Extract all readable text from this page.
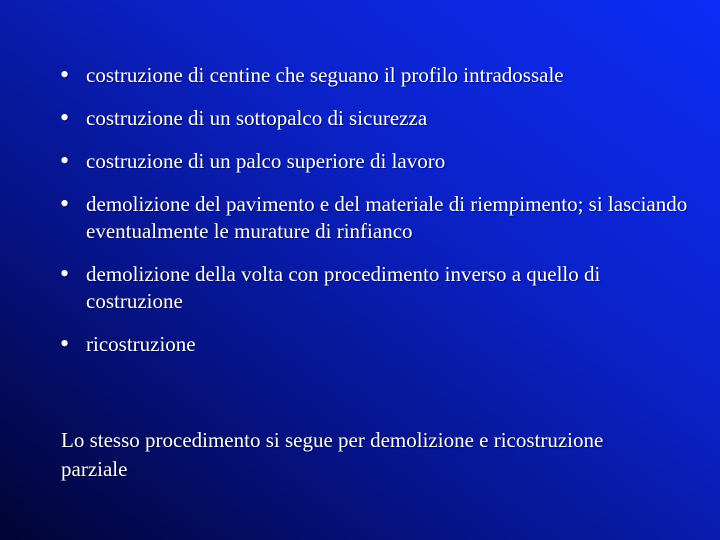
• costruzione di centine che seguano il profilo intradossale
• costruzione di un sottopalco di sicurezza
• costruzione di un palco superiore di lavoro
• demolizione del pavimento e del materiale di riempimento; si lasciando eventualmente le murature di rinfianco
• demolizione della volta con procedimento inverso a quello di costruzione
• ricostruzione

Lo stesso procedimento si segue per demolizione e ricostruzione parziale
